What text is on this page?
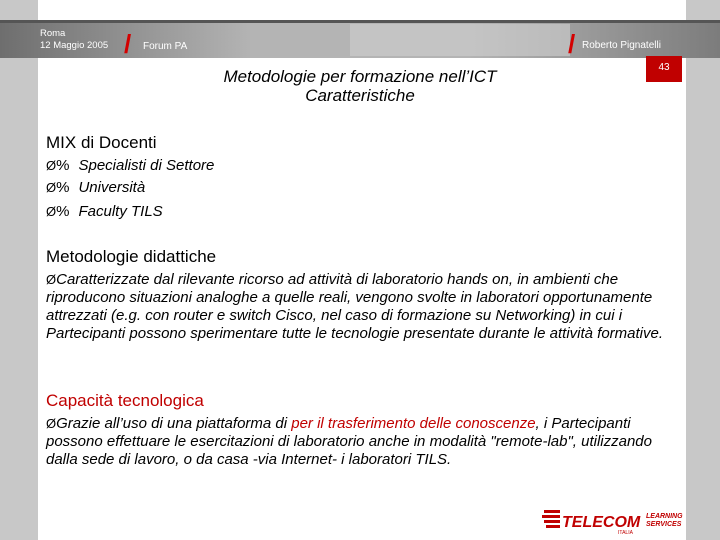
Roma
12 Maggio 2005 / Forum PA	/ Roberto Pignatelli
43
Metodologie per formazione nell’ICT
Caratteristiche
MIX di Docenti
Ø% Specialisti di Settore
Ø% Università
Ø% Faculty TILS
Metodologie didattiche
ØCaratterizzate dal rilevante ricorso ad attività di laboratorio hands on, in ambienti che riproducono situazioni analoghe a quelle reali, vengono svolte in laboratori opportunamente attrezzati (e.g. con router e switch Cisco, nel caso di formazione su Networking) in cui i Partecipanti possono sperimentare tutte le tecnologie presentate durante le attività formative.
Capacità tecnologica
ØGrazie all’uso di una piattaforma di per il trasferimento delle conoscenze, i Partecipanti possono effettuare le esercitazioni di laboratorio anche in modalità "remote-lab", utilizzando dalla sede di lavoro, o da casa -via Internet- i laboratori TILS.
TELECOM LEARNING
SERVICES
ITALIA
